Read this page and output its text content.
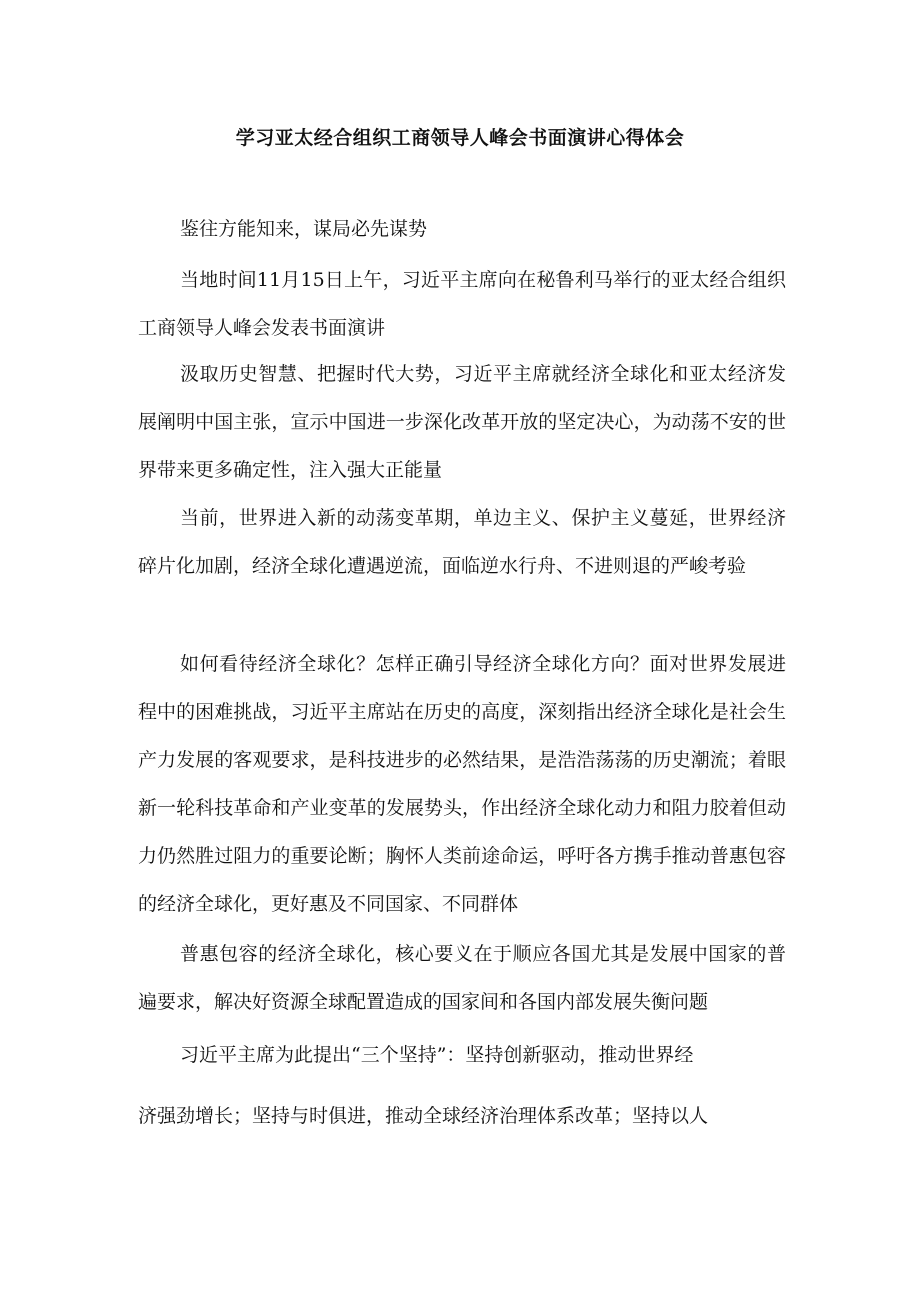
学习亚太经合组织工商领导人峰会书面演讲心得体会

鉴往方能知来，谋局必先谋势

当地时间11月15日上午，习近平主席向在秘鲁利马举行的亚太经合组织工商领导人峰会发表书面演讲

汲取历史智慧、把握时代大势，习近平主席就经济全球化和亚太经济发展阐明中国主张，宣示中国进一步深化改革开放的坚定决心，为动荡不安的世界带来更多确定性，注入强大正能量

当前，世界进入新的动荡变革期，单边主义、保护主义蔓延，世界经济碎片化加剧，经济全球化遭遇逆流，面临逆水行舟、不进则退的严峻考验

如何看待经济全球化？怎样正确引导经济全球化方向？面对世界发展进程中的困难挑战，习近平主席站在历史的高度，深刻指出经济全球化是社会生产力发展的客观要求，是科技进步的必然结果，是浩浩荡荡的历史潮流；着眼新一轮科技革命和产业变革的发展势头，作出经济全球化动力和阻力胶着但动力仍然胜过阻力的重要论断；胸怀人类前途命运，呼吁各方携手推动普惠包容的经济全球化，更好惠及不同国家、不同群体

普惠包容的经济全球化，核心要义在于顺应各国尤其是发展中国家的普遍要求，解决好资源全球配置造成的国家间和各国内部发展失衡问题

习近平主席为此提出“三个坚持”：坚持创新驱动，推动世界经

济强劲增长；坚持与时俱进，推动全球经济治理体系改革；坚持以人
